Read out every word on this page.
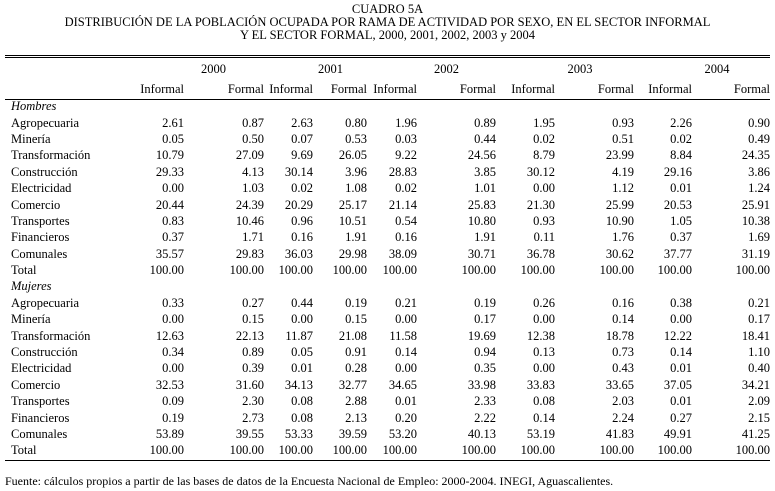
CUADRO 5A
DISTRIBUCIÓN DE LA POBLACIÓN OCUPADA POR RAMA DE ACTIVIDAD POR SEXO, EN EL SECTOR INFORMAL
Y EL SECTOR FORMAL, 2000, 2001, 2002, 2003 y 2004
	2000		2001		2002		2003		2004	
	Informal	Formal	Informal	Formal	Informal	Formal	Informal	Formal	Informal	Formal
Hombres										
Agropecuaria	2.61	0.87	2.63	0.80	1.96	0.89	1.95	0.93	2.26	0.90
Minería	0.05	0.50	0.07	0.53	0.03	0.44	0.02	0.51	0.02	0.49
Transformación	10.79	27.09	9.69	26.05	9.22	24.56	8.79	23.99	8.84	24.35
Construcción	29.33	4.13	30.14	3.96	28.83	3.85	30.12	4.19	29.16	3.86
Electricidad	0.00	1.03	0.02	1.08	0.02	1.01	0.00	1.12	0.01	1.24
Comercio	20.44	24.39	20.29	25.17	21.14	25.83	21.30	25.99	20.53	25.91
Transportes	0.83	10.46	0.96	10.51	0.54	10.80	0.93	10.90	1.05	10.38
Financieros	0.37	1.71	0.16	1.91	0.16	1.91	0.11	1.76	0.37	1.69
Comunales	35.57	29.83	36.03	29.98	38.09	30.71	36.78	30.62	37.77	31.19
Total	100.00	100.00	100.00	100.00	100.00	100.00	100.00	100.00	100.00	100.00
Mujeres										
Agropecuaria	0.33	0.27	0.44	0.19	0.21	0.19	0.26	0.16	0.38	0.21
Minería	0.00	0.15	0.00	0.15	0.00	0.17	0.00	0.14	0.00	0.17
Transformación	12.63	22.13	11.87	21.08	11.58	19.69	12.38	18.78	12.22	18.41
Construcción	0.34	0.89	0.05	0.91	0.14	0.94	0.13	0.73	0.14	1.10
Electricidad	0.00	0.39	0.01	0.28	0.00	0.35	0.00	0.43	0.01	0.40
Comercio	32.53	31.60	34.13	32.77	34.65	33.98	33.83	33.65	37.05	34.21
Transportes	0.09	2.30	0.08	2.88	0.01	2.33	0.08	2.03	0.01	2.09
Financieros	0.19	2.73	0.08	2.13	0.20	2.22	0.14	2.24	0.27	2.15
Comunales	53.89	39.55	53.33	39.59	53.20	40.13	53.19	41.83	49.91	41.25
Total	100.00	100.00	100.00	100.00	100.00	100.00	100.00	100.00	100.00	100.00
Fuente: cálculos propios a partir de las bases de datos de la Encuesta Nacional de Empleo: 2000-2004. INEGI, Aguascalientes.
